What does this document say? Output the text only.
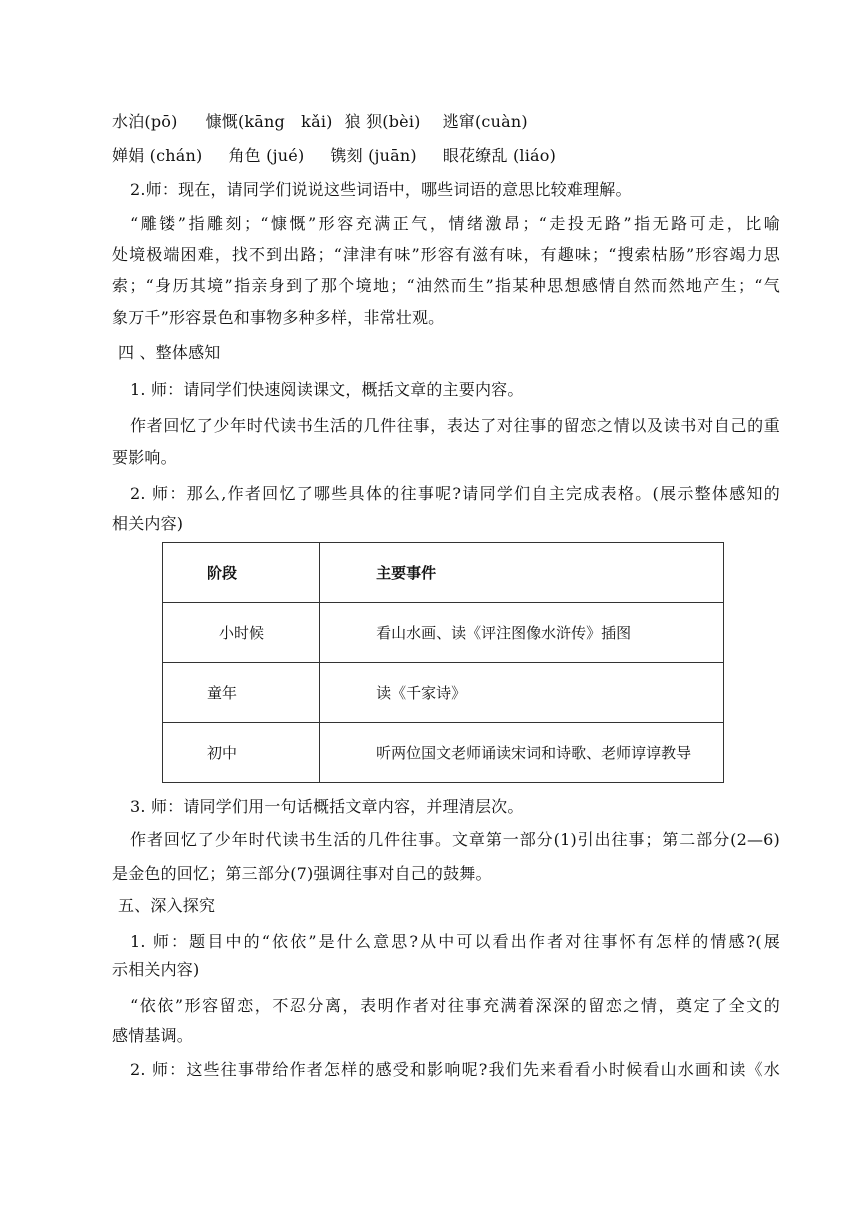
水泊(pō) 慷慨(kāng　kǎi) 狼 狈(bèi) 逃窜(cuàn)
婵娟 (chán) 角色 (jué) 镌刻 (juān) 眼花缭乱 (liáo)
2.师：现在，请同学们说说这些词语中，哪些词语的意思比较难理解。
“雕镂”指雕刻；“慷慨”形容充满正气，情绪激昂；“走投无路”指无路可走，比喻
处境极端困难，找不到出路；“津津有味”形容有滋有味，有趣味；“搜索枯肠”形容竭力思
索；“身历其境”指亲身到了那个境地；“油然而生”指某种思想感情自然而然地产生；“气
象万千”形容景色和事物多种多样，非常壮观。
四 、整体感知
1. 师：请同学们快速阅读课文，概括文章的主要内容。
作者回忆了少年时代读书生活的几件往事，表达了对往事的留恋之情以及读书对自己的重
要影响。
2. 师：那么,作者回忆了哪些具体的往事呢?请同学们自主完成表格。(展示整体感知的
相关内容)
阶段	主要事件
小时候	看山水画、读《评注图像水浒传》插图
童年	读《千家诗》
初中	听两位国文老师诵读宋词和诗歌、老师谆谆教导
3. 师：请同学们用一句话概括文章内容，并理清层次。
作者回忆了少年时代读书生活的几件往事。文章第一部分(1)引出往事；第二部分(2—6)
是金色的回忆；第三部分(7)强调往事对自己的鼓舞。
五、深入探究
1. 师：题目中的“依依”是什么意思?从中可以看出作者对往事怀有怎样的情感?(展
示相关内容)
“依依”形容留恋，不忍分离，表明作者对往事充满着深深的留恋之情，奠定了全文的
感情基调。
2. 师：这些往事带给作者怎样的感受和影响呢?我们先来看看小时候看山水画和读《水
